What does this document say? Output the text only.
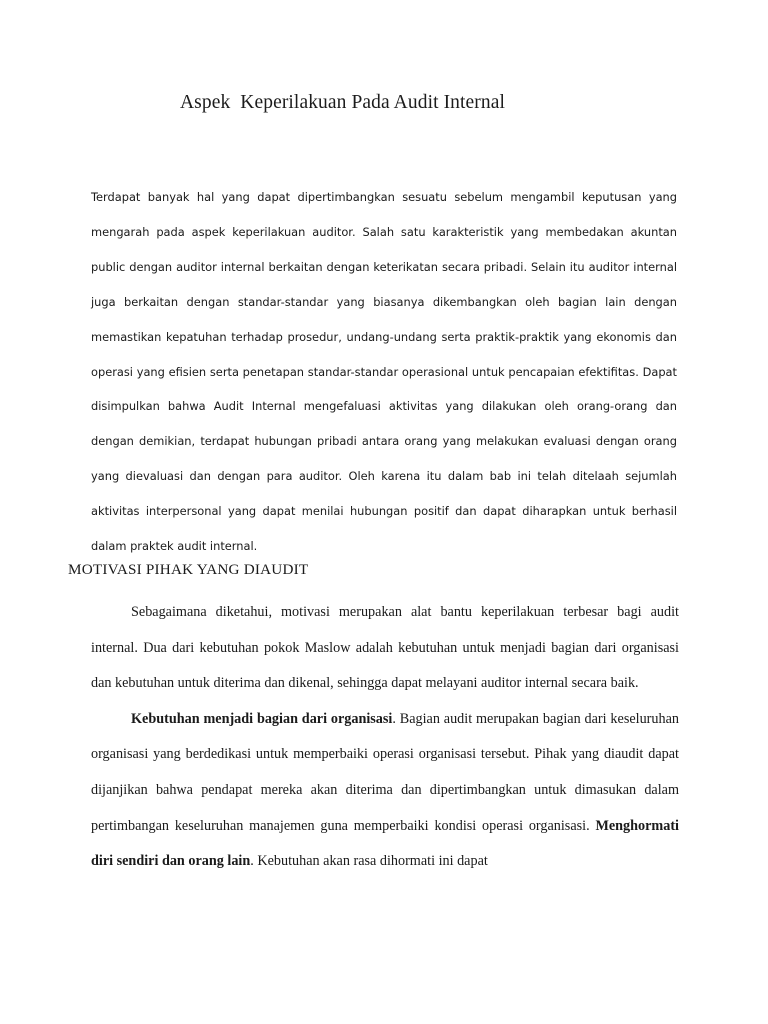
Aspek  Keperilakuan Pada Audit Internal

Terdapat banyak hal yang dapat dipertimbangkan sesuatu sebelum mengambil keputusan yang mengarah pada aspek keperilakuan auditor. Salah satu karakteristik yang membedakan akuntan public dengan auditor internal berkaitan dengan keterikatan secara pribadi. Selain itu auditor internal juga berkaitan dengan standar-standar yang biasanya dikembangkan oleh bagian lain dengan memastikan kepatuhan terhadap prosedur, undang-undang serta praktik-praktik yang ekonomis dan operasi yang efisien serta penetapan standar-standar operasional untuk pencapaian efektifitas. Dapat disimpulkan bahwa Audit Internal mengefaluasi aktivitas yang dilakukan oleh orang-orang dan dengan demikian, terdapat hubungan pribadi antara orang yang melakukan evaluasi dengan orang yang dievaluasi dan dengan para auditor. Oleh karena itu dalam bab ini telah ditelaah sejumlah aktivitas interpersonal yang dapat menilai hubungan positif dan dapat diharapkan untuk berhasil dalam praktek audit internal.

MOTIVASI PIHAK YANG DIAUDIT

Sebagaimana diketahui, motivasi merupakan alat bantu keperilakuan terbesar bagi audit internal. Dua dari kebutuhan pokok Maslow adalah kebutuhan untuk menjadi bagian dari organisasi dan kebutuhan untuk diterima dan dikenal, sehingga dapat melayani auditor internal secara baik.

Kebutuhan menjadi bagian dari organisasi. Bagian audit merupakan bagian dari keseluruhan organisasi yang berdedikasi untuk memperbaiki operasi organisasi tersebut. Pihak yang diaudit dapat dijanjikan bahwa pendapat mereka akan diterima dan dipertimbangkan untuk dimasukan dalam pertimbangan keseluruhan manajemen guna memperbaiki kondisi operasi organisasi. Menghormati diri sendiri dan orang lain. Kebutuhan akan rasa dihormati ini dapat
